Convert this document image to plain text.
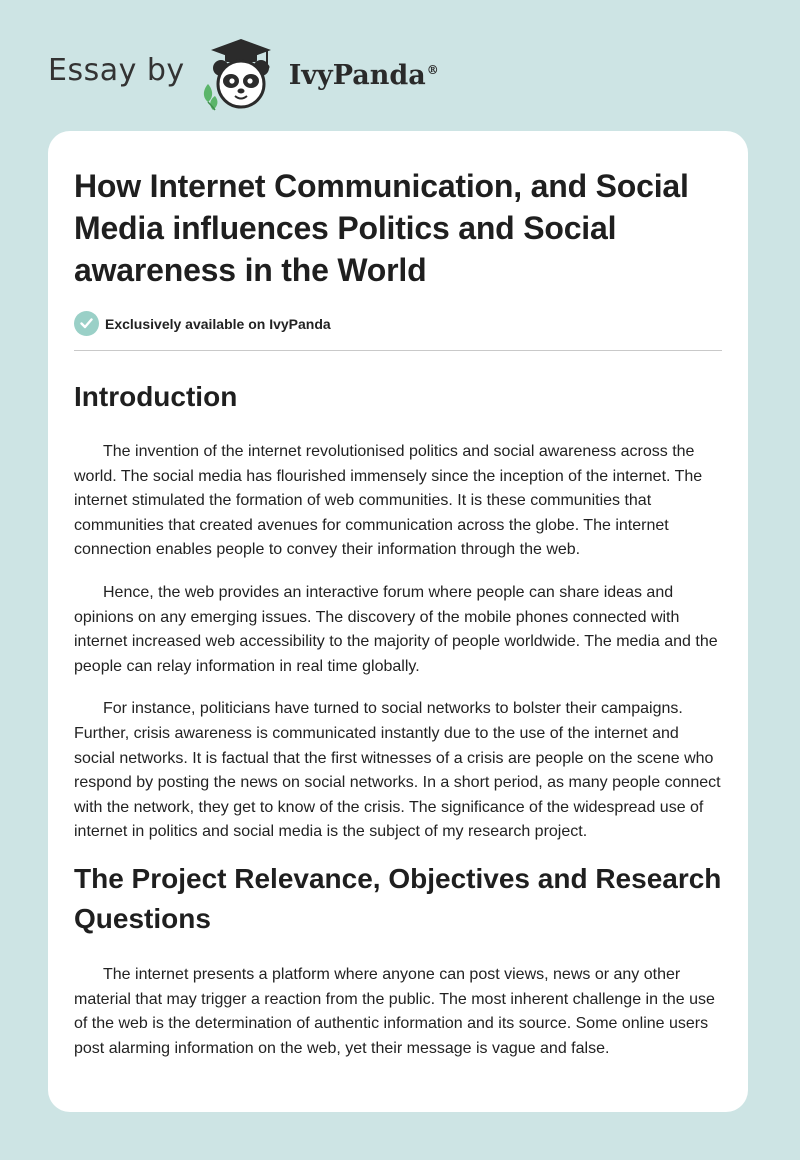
Essay by	IvyPanda®
How Internet Communication, and Social Media influences Politics and Social awareness in the World
Exclusively available on IvyPanda
Introduction

The invention of the internet revolutionised politics and social awareness across the world. The social media has flourished immensely since the inception of the internet. The internet stimulated the formation of web communities. It is these communities that communities that created avenues for communication across the globe. The internet connection enables people to convey their information through the web.

Hence, the web provides an interactive forum where people can share ideas and opinions on any emerging issues. The discovery of the mobile phones connected with internet increased web accessibility to the majority of people worldwide. The media and the people can relay information in real time globally.

For instance, politicians have turned to social networks to bolster their campaigns. Further, crisis awareness is communicated instantly due to the use of the internet and social networks. It is factual that the first witnesses of a crisis are people on the scene who respond by posting the news on social networks. In a short period, as many people connect with the network, they get to know of the crisis. The significance of the widespread use of internet in politics and social media is the subject of my research project.

The Project Relevance, Objectives and Research Questions

The internet presents a platform where anyone can post views, news or any other material that may trigger a reaction from the public. The most inherent challenge in the use of the web is the determination of authentic information and its source. Some online users post alarming information on the web, yet their message is vague and false.
